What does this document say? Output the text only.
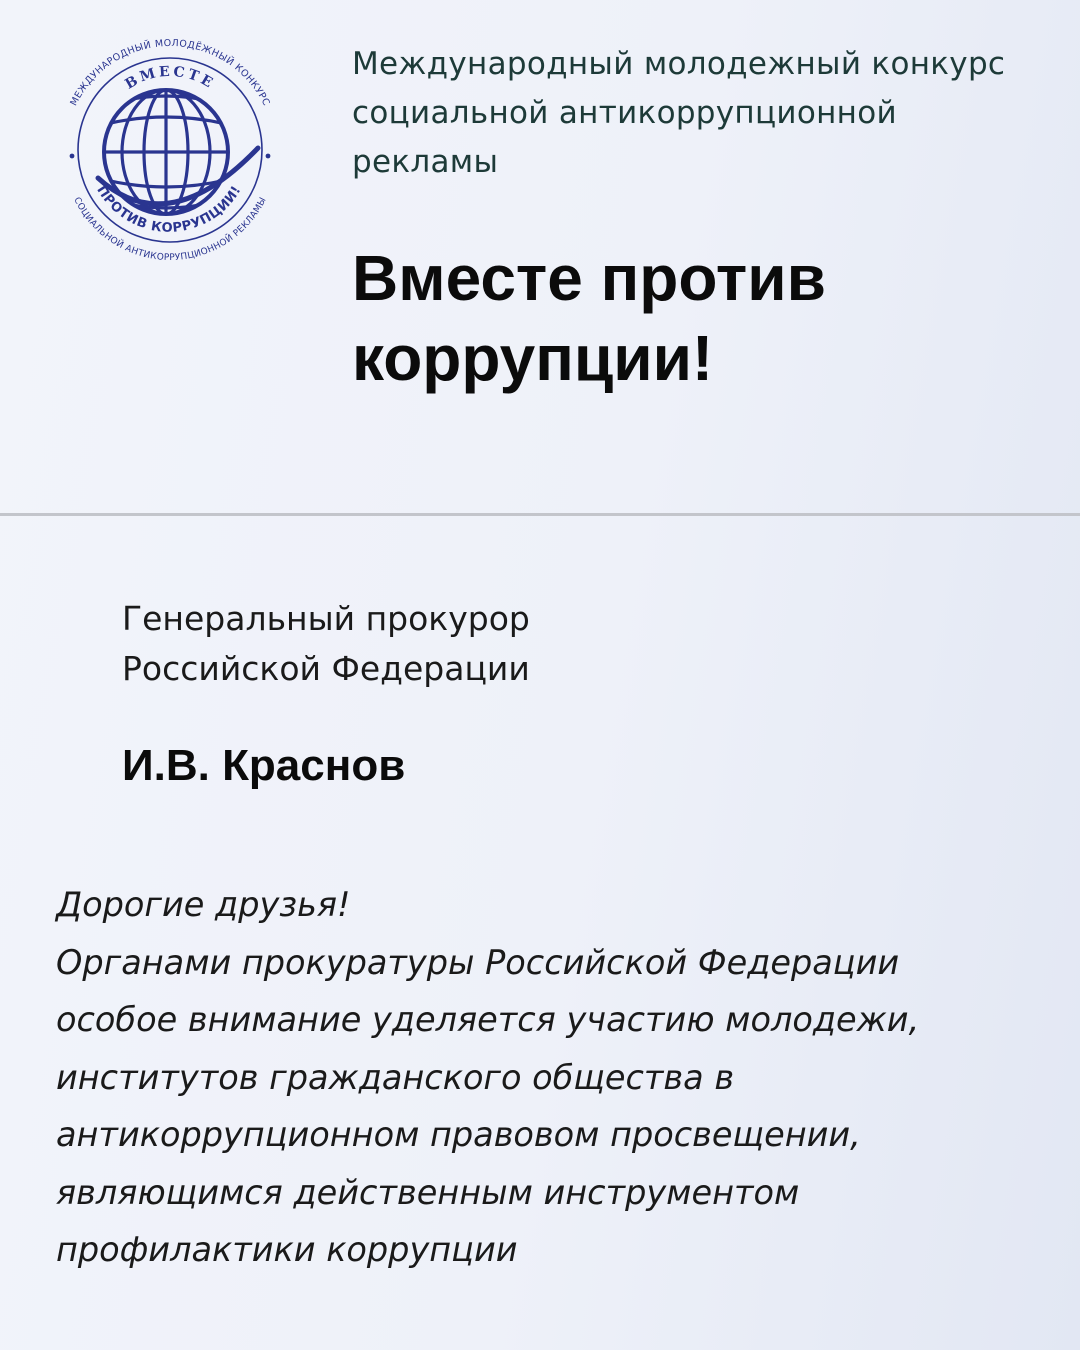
МЕЖДУНАРОДНЫЙ МОЛОДЁЖНЫЙ КОНКУРС
СОЦИАЛЬНОЙ АНТИКОРРУПЦИОННОЙ РЕКЛАМЫ
ВМЕСТЕ
ПРОТИВ КОРРУПЦИИ!
Международный молодежный конкурс
социальной антикоррупционной
рекламы
Вместе против
коррупции!
Генеральный прокурор
Российской Федерации
И.В. Краснов

Дорогие друзья!

Органами прокуратуры Российской Федерации

особое внимание уделяется участию молодежи,

институтов гражданского общества в

антикоррупционном правовом просвещении,

являющимся действенным инструментом

профилактики коррупции
